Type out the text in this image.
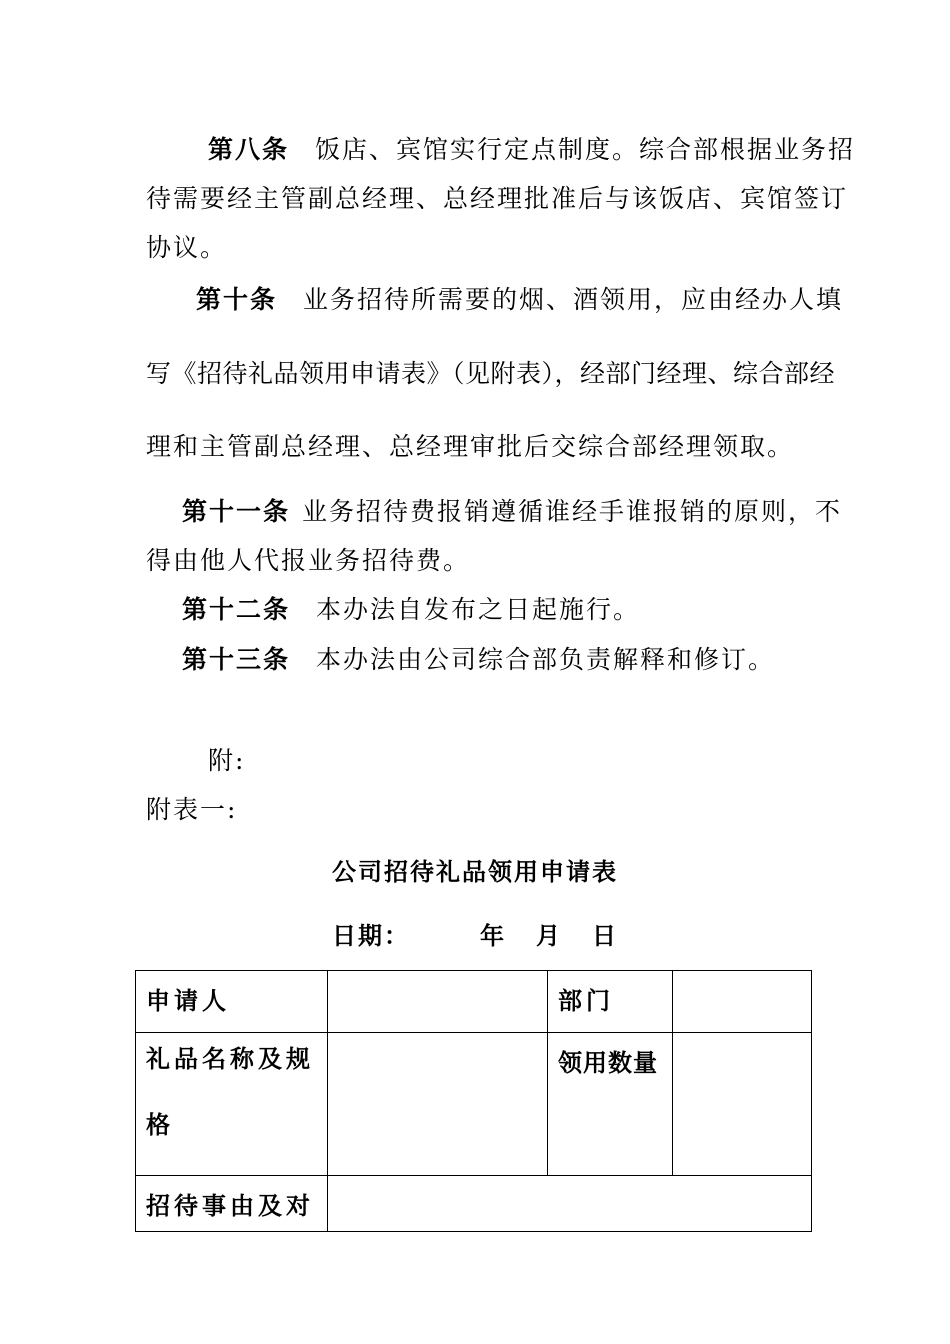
第八条 饭店、宾馆实行定点制度。综合部根据业务招
待需要经主管副总经理、总经理批准后与该饭店、宾馆签订
协议。
第十条 业务招待所需要的烟、酒领用，应由经办人填
写《招待礼品领用申请表》（见附表），经部门经理、综合部经
理和主管副总经理、总经理审批后交综合部经理领取。
第十一条 业务招待费报销遵循谁经手谁报销的原则，不
得由他人代报业务招待费。
第十二条 本办法自发布之日起施行。
第十三条 本办法由公司综合部负责解释和修订。
附:
附表一:
公司招待礼品领用申请表
日期：	年 月 日
申请人		部门	

礼品名称及规
格		领用数量	
招待事由及对			
